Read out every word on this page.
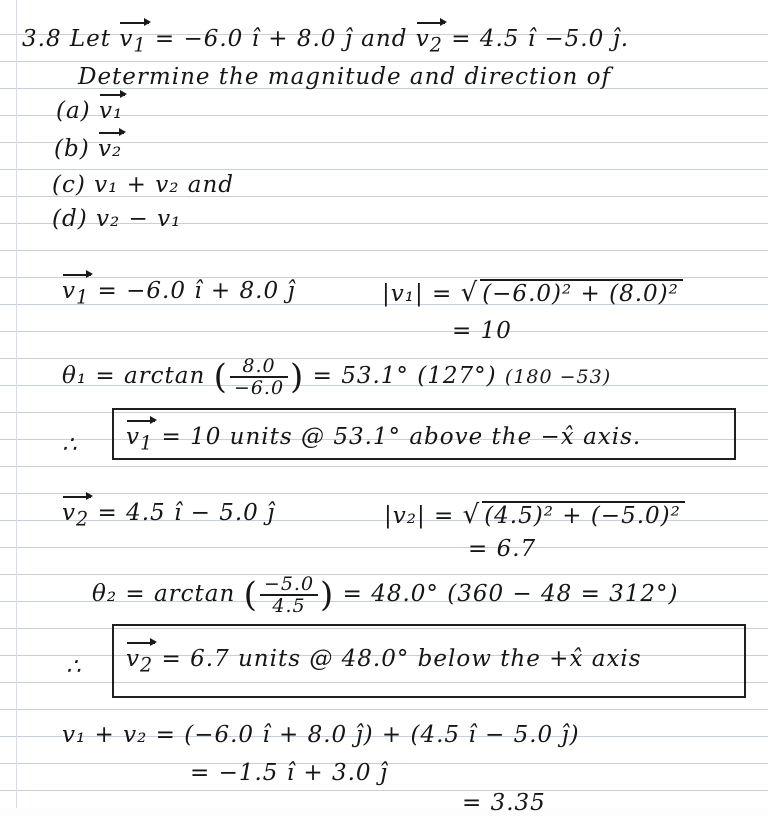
3.8 Let $v_1 = -6.0$ î + 8.0 ĵ and $v_2 = 4.5$ î −5.0 ĵ.
Determine the magnitude and direction of
(a) v₁
(b) v₂
(c) v₁ + v₂ and
(d) v₂ − v₁
$v_1 = -6.0$ î + 8.0 ĵ	|v₁| = √ (−6.0)² + (8.0)²
= 10
θ₁ = arctan ( $\frac{8.0}{-6.0}$ ) = 53.1° (127°) (180 −53)
∴ $v_1 = 10$ units @ 53.1° above the −x̂ axis.
$v_2 = 4.5$ î − 5.0 ĵ	|v₂| = √ (4.5)² + (−5.0)²
= 6.7
θ₂ = arctan ( $\frac{-5.0}{4.5}$ ) = 48.0° (360 − 48 = 312°)
∴ $v_2 = 6.7$ units @ 48.0° below the +x̂ axis
v₁ + v₂ = (−6.0 î + 8.0 ĵ) + (4.5 î − 5.0 ĵ)
= −1.5 î + 3.0 ĵ
= 3.35
